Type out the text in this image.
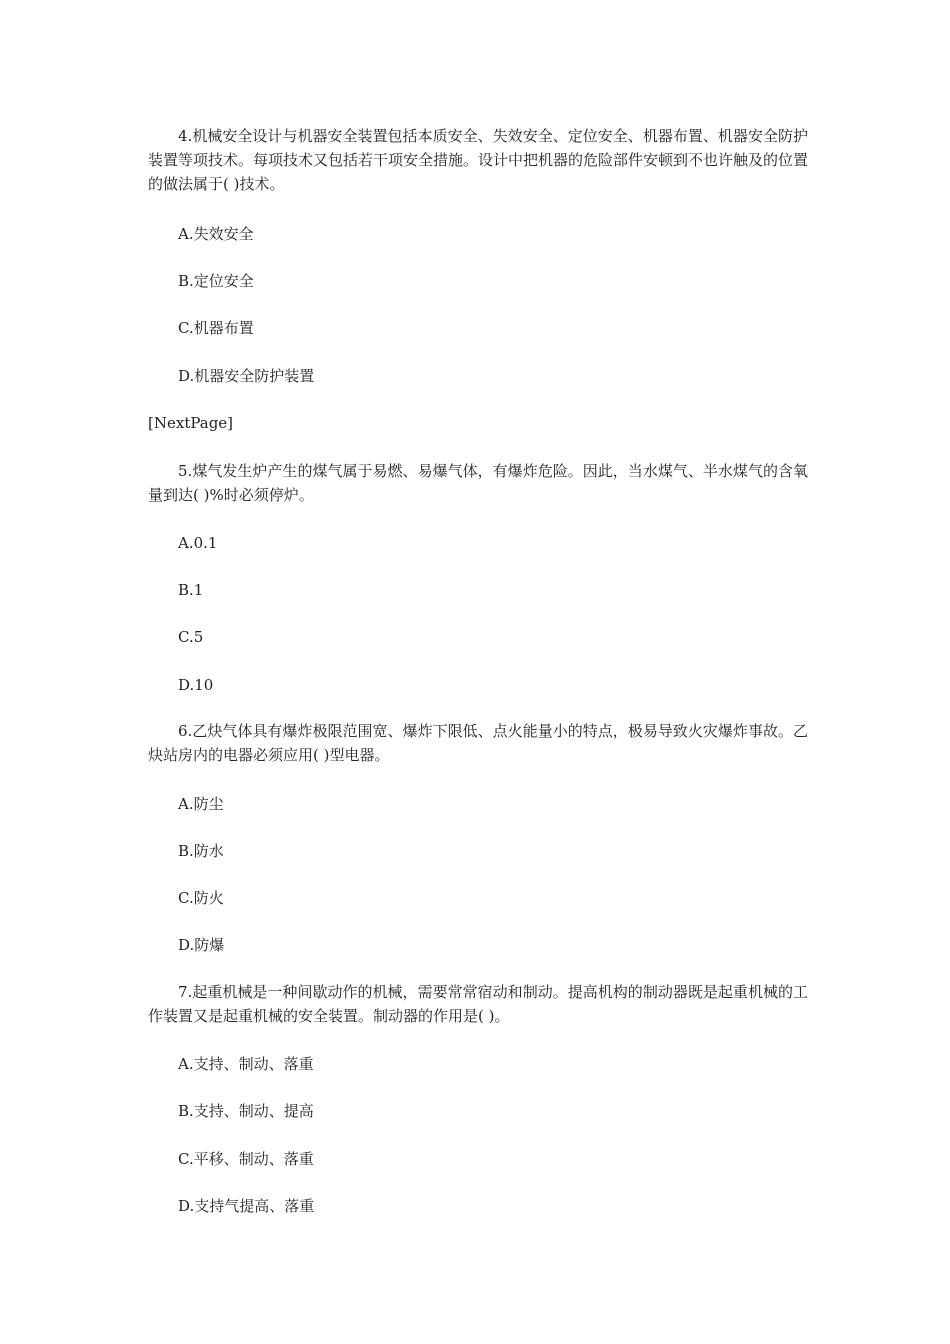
4.机械安全设计与机器安全装置包括本质安全、失效安全、定位安全、机器布置、机器安全防护装置等项技术。每项技术又包括若干项安全措施。设计中把机器的危险部件安顿到不也许触及的位置的做法属于( )技术。

A.失效安全

B.定位安全

C.机器布置

D.机器安全防护装置

[NextPage]

5.煤气发生炉产生的煤气属于易燃、易爆气体，有爆炸危险。因此，当水煤气、半水煤气的含氧量到达( )%时必须停炉。

A.0.1

B.1

C.5

D.10

6.乙炔气体具有爆炸极限范围宽、爆炸下限低、点火能量小的特点，极易导致火灾爆炸事故。乙炔站房内的电器必须应用( )型电器。

A.防尘

B.防水

C.防火

D.防爆

7.起重机械是一种间歇动作的机械，需要常常宿动和制动。提高机构的制动器既是起重机械的工作装置又是起重机械的安全装置。制动器的作用是( )。

A.支持、制动、落重

B.支持、制动、提高

C.平移、制动、落重

D.支持气提高、落重
